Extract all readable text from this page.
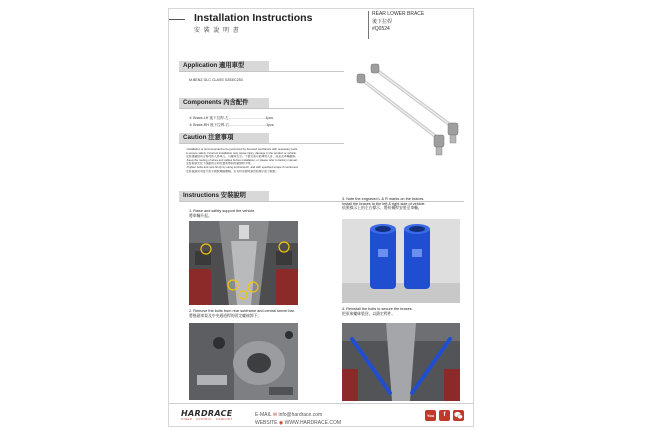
Installation Instructions
安 裝 說 明 書
REAR LOWER BRACE
後下拉桿
#Q0524
Application 適用車型
M.BENZ GLC CLASS X253/C253
Components 內含配件
① Brace-LH 後下拉桿-左.....................................1pcs
② Brace-RH 後下拉桿-右.....................................1pcs
Caution 注意事項
-Installation is recommended to be performed by licensed mechanics with necessary tools
to ensure safety. Incorrect installation may cause injury, damage to the product or vehicle.
安裝建議由具合格技術人員執行，以確保安全。不當安裝可能導致人身、產品及車輛損傷。
-Keep the routing of wires and cables before installation, or please refer to factory manual.
安裝前請先記下線路的走向位置或參照原廠維修手冊。
-Tighten bolts and nuts firmly by using torchwrench, and with specified torque if mentioned.
安裝後請使用扭力扳手鎖緊螺絲螺帽，若有特別說明請依照標示扭力鎖緊。
Instructions 安裝說明
1. Raise and safely support the vehicle.
將車輛升起。
2. Remove the bolts from rear subframe and central tunnel bar.
將後副車架及中央通道桿的固定螺絲卸下。
3. Note the engraved L & R marks on the braces.
Install the braces to the left & right side of vehicle.
依照標示上的左右標示，將結構桿安裝至車輛。
4. Reinstall the bolts to secure the braces.
把原來螺絲裝回，以鎖定桿件。
HARDRACE
STEER · CONTROL · COMFORT
E-MAIL ✉ info@hardrace.com
WEBSITE ◉ WWW.HARDRACE.COM
You	f
